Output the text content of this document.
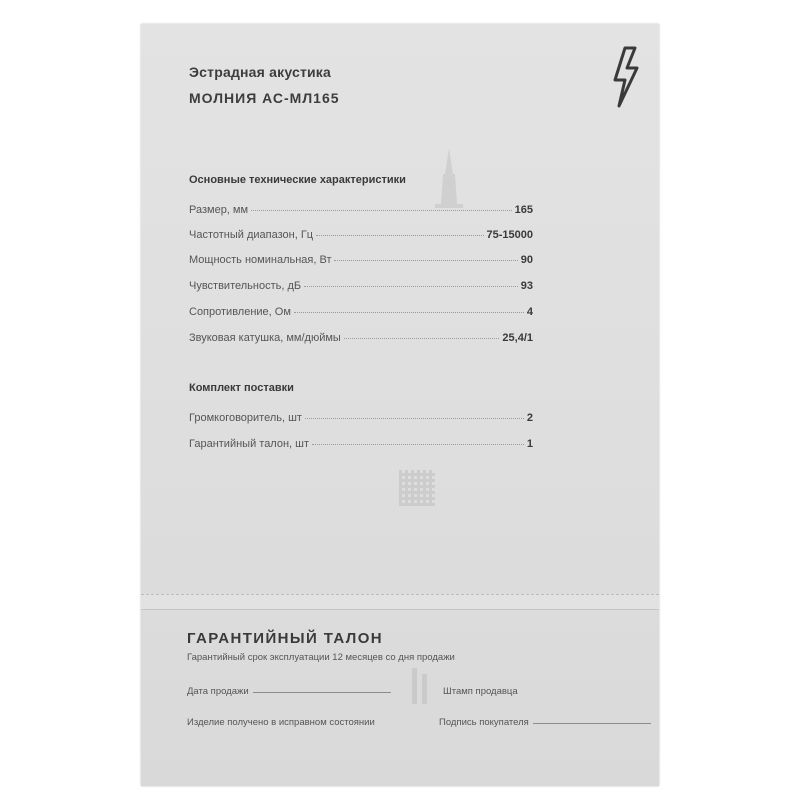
Эстрадная акустика
МОЛНИЯ АС-МЛ165
Основные технические характеристики
Размер, мм	165
Частотный диапазон, Гц	75-15000
Мощность номинальная, Вт	90
Чувствительность, дБ	93
Сопротивление, Ом	4
Звуковая катушка, мм/дюймы	25,4/1
Комплект поставки
Громкоговоритель, шт	2
Гарантийный талон, шт	1
ГАРАНТИЙНЫЙ ТАЛОН
Гарантийный срок эксплуатации 12 месяцев со дня продажи
Дата продажи	Штамп продавца
Изделие получено в исправном состоянии	Подпись покупателя
